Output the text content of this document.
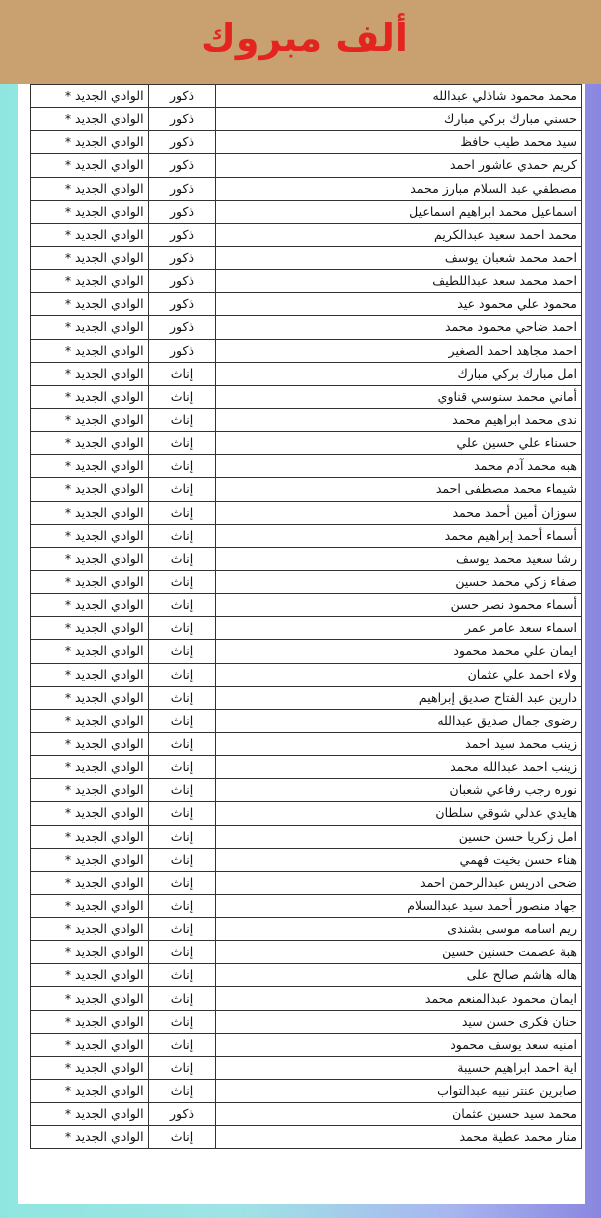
ألف مبروك
محمد محمود شاذلي عبدالله	ذكور	الوادي الجديد *
حسني مبارك بركي مبارك	ذكور	الوادي الجديد *
سيد محمد طيب حافظ	ذكور	الوادي الجديد *
كريم حمدي عاشور احمد	ذكور	الوادي الجديد *
مصطفي عبد السلام مبارز محمد	ذكور	الوادي الجديد *
اسماعيل محمد ابراهيم اسماعيل	ذكور	الوادي الجديد *
محمد احمد سعيد عبدالكريم	ذكور	الوادي الجديد *
احمد محمد شعبان يوسف	ذكور	الوادي الجديد *
احمد محمد سعد عبداللطيف	ذكور	الوادي الجديد *
محمود علي محمود عيد	ذكور	الوادي الجديد *
احمد ضاحي محمود محمد	ذكور	الوادي الجديد *
احمد مجاهد احمد الصغير	ذكور	الوادي الجديد *
امل مبارك بركي مبارك	إناث	الوادي الجديد *
أماني محمد سنوسي قناوي	إناث	الوادي الجديد *
ندى محمد ابراهيم محمد	إناث	الوادي الجديد *
حسناء علي حسين علي	إناث	الوادي الجديد *
هبه محمد آدم محمد	إناث	الوادي الجديد *
شيماء محمد مصطفى احمد	إناث	الوادي الجديد *
سوزان أمين أحمد محمد	إناث	الوادي الجديد *
أسماء أحمد إبراهيم محمد	إناث	الوادي الجديد *
رشا سعيد محمد يوسف	إناث	الوادي الجديد *
صفاء زكي محمد حسين	إناث	الوادي الجديد *
أسماء محمود نصر حسن	إناث	الوادي الجديد *
اسماء سعد عامر عمر	إناث	الوادي الجديد *
ايمان علي محمد محمود	إناث	الوادي الجديد *
ولاء احمد علي عثمان	إناث	الوادي الجديد *
دارين عبد الفتاح صديق إبراهيم	إناث	الوادي الجديد *
رضوى جمال صديق عبدالله	إناث	الوادي الجديد *
زينب محمد سيد احمد	إناث	الوادي الجديد *
زينب احمد عبدالله محمد	إناث	الوادي الجديد *
نوره رجب رفاعي شعبان	إناث	الوادي الجديد *
هايدي عدلي شوقي سلطان	إناث	الوادي الجديد *
امل زكريا حسن حسين	إناث	الوادي الجديد *
هناء حسن بخيت فهمي	إناث	الوادي الجديد *
ضحى ادريس عبدالرحمن احمد	إناث	الوادي الجديد *
جهاد منصور أحمد سيد عبدالسلام	إناث	الوادي الجديد *
ريم اسامه موسى بشندى	إناث	الوادي الجديد *
هبة عصمت حسنين حسين	إناث	الوادي الجديد *
هاله هاشم صالح على	إناث	الوادي الجديد *
ايمان محمود عبدالمنعم محمد	إناث	الوادي الجديد *
حنان فكرى حسن سيد	إناث	الوادي الجديد *
امنيه سعد يوسف محمود	إناث	الوادي الجديد *
اية احمد ابراهيم حسيبة	إناث	الوادي الجديد *
صابرين عنتر نبيه عبدالتواب	إناث	الوادي الجديد *
محمد سيد حسين عثمان	ذكور	الوادي الجديد *
منار محمد عطية محمد	إناث	الوادي الجديد *
